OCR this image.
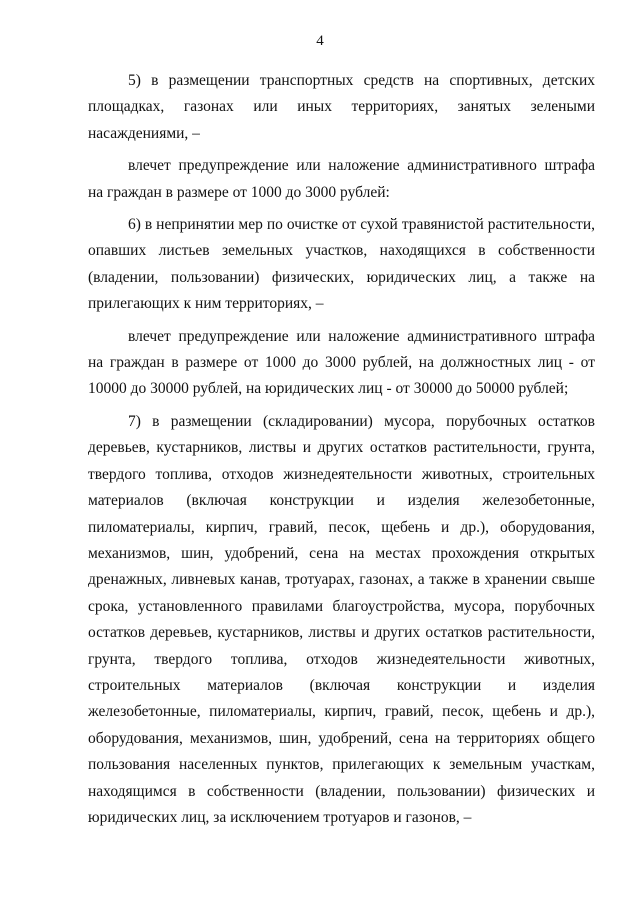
4

5) в размещении транспортных средств на спортивных, детских площадках, газонах или иных территориях, занятых зелеными насаждениями, –

влечет предупреждение или наложение административного штрафа на граждан в размере от 1000 до 3000 рублей:

6) в непринятии мер по очистке от сухой травянистой растительности, опавших листьев земельных участков, находящихся в собственности (владении, пользовании) физических, юридических лиц, а также на прилегающих к ним территориях, –

влечет предупреждение или наложение административного штрафа на граждан в размере от 1000 до 3000 рублей, на должностных лиц - от 10000 до 30000 рублей, на юридических лиц - от 30000 до 50000 рублей;

7) в размещении (складировании) мусора, порубочных остатков деревьев, кустарников, листвы и других остатков растительности, грунта, твердого топлива, отходов жизнедеятельности животных, строительных материалов (включая конструкции и изделия железобетонные, пиломатериалы, кирпич, гравий, песок, щебень и др.), оборудования, механизмов, шин, удобрений, сена на местах прохождения открытых дренажных, ливневых канав, тротуарах, газонах, а также в хранении свыше срока, установленного правилами благоустройства, мусора, порубочных остатков деревьев, кустарников, листвы и других остатков растительности, грунта, твердого топлива, отходов жизнедеятельности животных, строительных материалов (включая конструкции и изделия железобетонные, пиломатериалы, кирпич, гравий, песок, щебень и др.), оборудования, механизмов, шин, удобрений, сена на территориях общего пользования населенных пунктов, прилегающих к земельным участкам, находящимся в собственности (владении, пользовании) физических и юридических лиц, за исключением тротуаров и газонов, –
